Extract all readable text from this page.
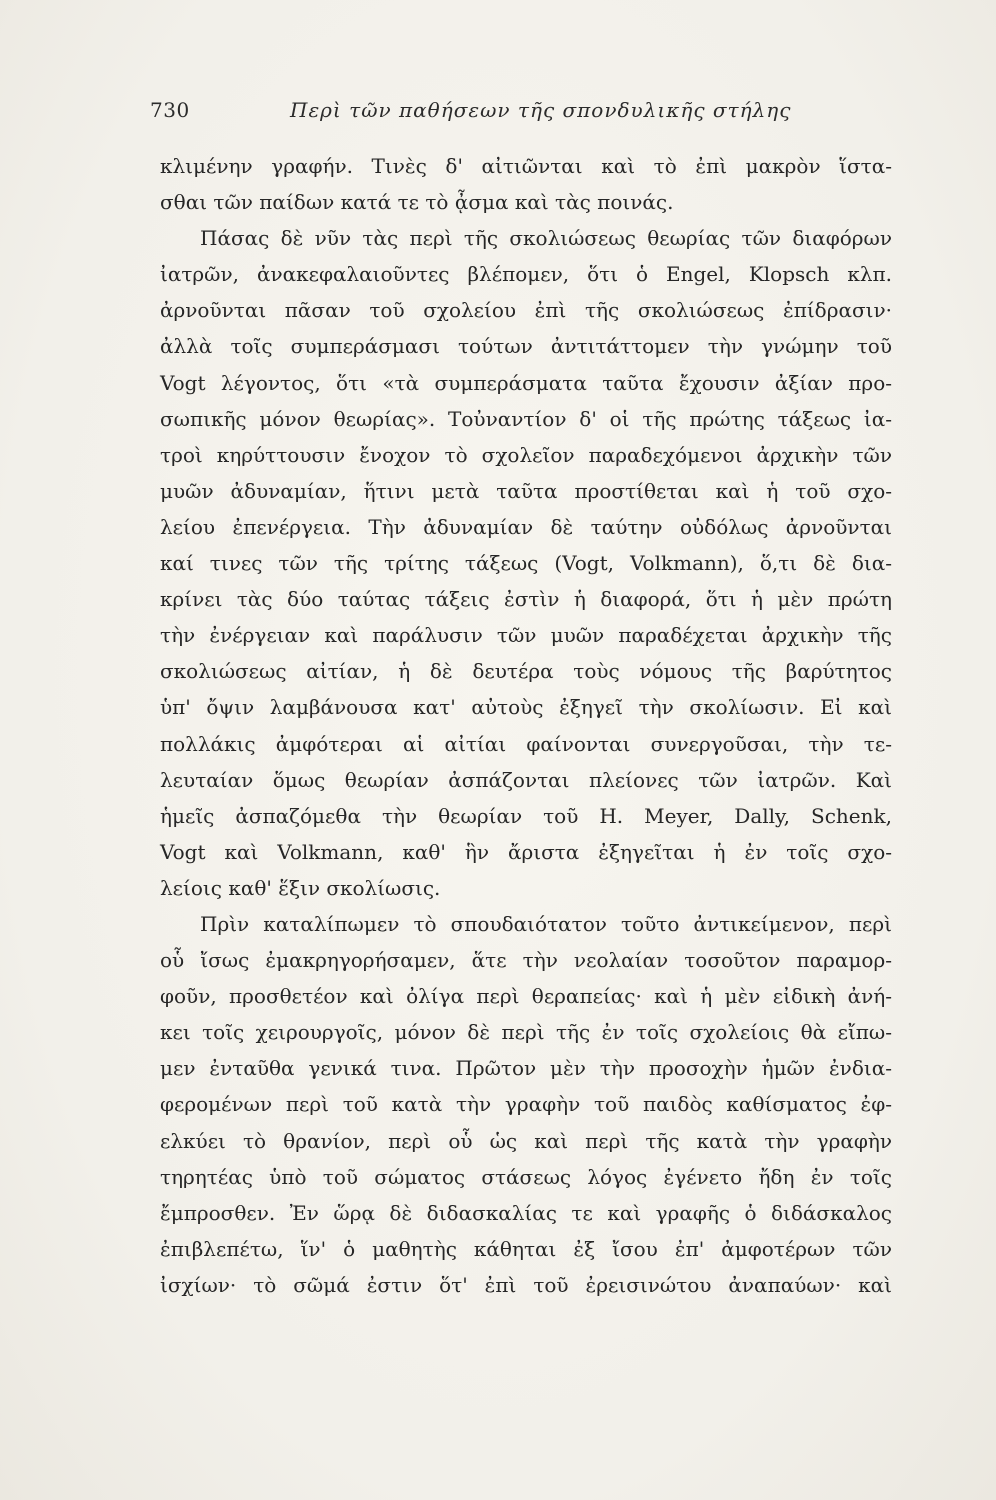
730	Περὶ τῶν παθήσεων τῆς σπονδυλικῆς στήλης
κλιμένην γραφήν. Τινὲς δ' αἰτιῶνται καὶ τὸ ἐπὶ μακρὸν ἵστα-
σθαι τῶν παίδων κατά τε τὸ ᾆσμα καὶ τὰς ποινάς.
Πάσας δὲ νῦν τὰς περὶ τῆς σκολιώσεως θεωρίας τῶν διαφόρων
ἰατρῶν, ἀνακεφαλαιοῦντες βλέπομεν, ὅτι ὁ Engel, Klopsch κλπ.
ἀρνοῦνται πᾶσαν τοῦ σχολείου ἐπὶ τῆς σκολιώσεως ἐπίδρασιν·
ἀλλὰ τοῖς συμπεράσμασι τούτων ἀντιτάττομεν τὴν γνώμην τοῦ
Vogt λέγοντος, ὅτι «τὰ συμπεράσματα ταῦτα ἔχουσιν ἀξίαν προ-
σωπικῆς μόνον θεωρίας». Τοὐναντίον δ' οἱ τῆς πρώτης τάξεως ἰα-
τροὶ κηρύττουσιν ἔνοχον τὸ σχολεῖον παραδεχόμενοι ἀρχικὴν τῶν
μυῶν ἀδυναμίαν, ἥτινι μετὰ ταῦτα προστίθεται καὶ ἡ τοῦ σχο-
λείου ἐπενέργεια. Τὴν ἀδυναμίαν δὲ ταύτην οὐδόλως ἀρνοῦνται
καί τινες τῶν τῆς τρίτης τάξεως (Vogt, Volkmann), ὅ,τι δὲ δια-
κρίνει τὰς δύο ταύτας τάξεις ἐστὶν ἡ διαφορά, ὅτι ἡ μὲν πρώτη
τὴν ἐνέργειαν καὶ παράλυσιν τῶν μυῶν παραδέχεται ἀρχικὴν τῆς
σκολιώσεως αἰτίαν, ἡ δὲ δευτέρα τοὺς νόμους τῆς βαρύτητος
ὑπ' ὄψιν λαμβάνουσα κατ' αὐτοὺς ἐξηγεῖ τὴν σκολίωσιν. Εἰ καὶ
πολλάκις ἀμφότεραι αἱ αἰτίαι φαίνονται συνεργοῦσαι, τὴν τε-
λευταίαν ὅμως θεωρίαν ἀσπάζονται πλείονες τῶν ἰατρῶν. Καὶ
ἡμεῖς ἀσπαζόμεθα τὴν θεωρίαν τοῦ H. Meyer, Dally, Schenk,
Vogt καὶ Volkmann, καθ' ἣν ἄριστα ἐξηγεῖται ἡ ἐν τοῖς σχο-
λείοις καθ' ἕξιν σκολίωσις.
Πρὶν καταλίπωμεν τὸ σπουδαιότατον τοῦτο ἀντικείμενον, περὶ
οὗ ἴσως ἐμακρηγορήσαμεν, ἅτε τὴν νεολαίαν τοσοῦτον παραμορ-
φοῦν, προσθετέον καὶ ὀλίγα περὶ θεραπείας· καὶ ἡ μὲν εἰδικὴ ἀνή-
κει τοῖς χειρουργοῖς, μόνον δὲ περὶ τῆς ἐν τοῖς σχολείοις θὰ εἴπω-
μεν ἐνταῦθα γενικά τινα. Πρῶτον μὲν τὴν προσοχὴν ἡμῶν ἐνδια-
φερομένων περὶ τοῦ κατὰ τὴν γραφὴν τοῦ παιδὸς καθίσματος ἐφ-
ελκύει τὸ θρανίον, περὶ οὗ ὡς καὶ περὶ τῆς κατὰ τὴν γραφὴν
τηρητέας ὑπὸ τοῦ σώματος στάσεως λόγος ἐγένετο ἤδη ἐν τοῖς
ἔμπροσθεν. Ἐν ὥρᾳ δὲ διδασκαλίας τε καὶ γραφῆς ὁ διδάσκαλος
ἐπιβλεπέτω, ἵν' ὁ μαθητὴς κάθηται ἐξ ἴσου ἐπ' ἀμφοτέρων τῶν
ἰσχίων· τὸ σῶμά ἐστιν ὅτ' ἐπὶ τοῦ ἐρεισινώτου ἀναπαύων· καὶ
